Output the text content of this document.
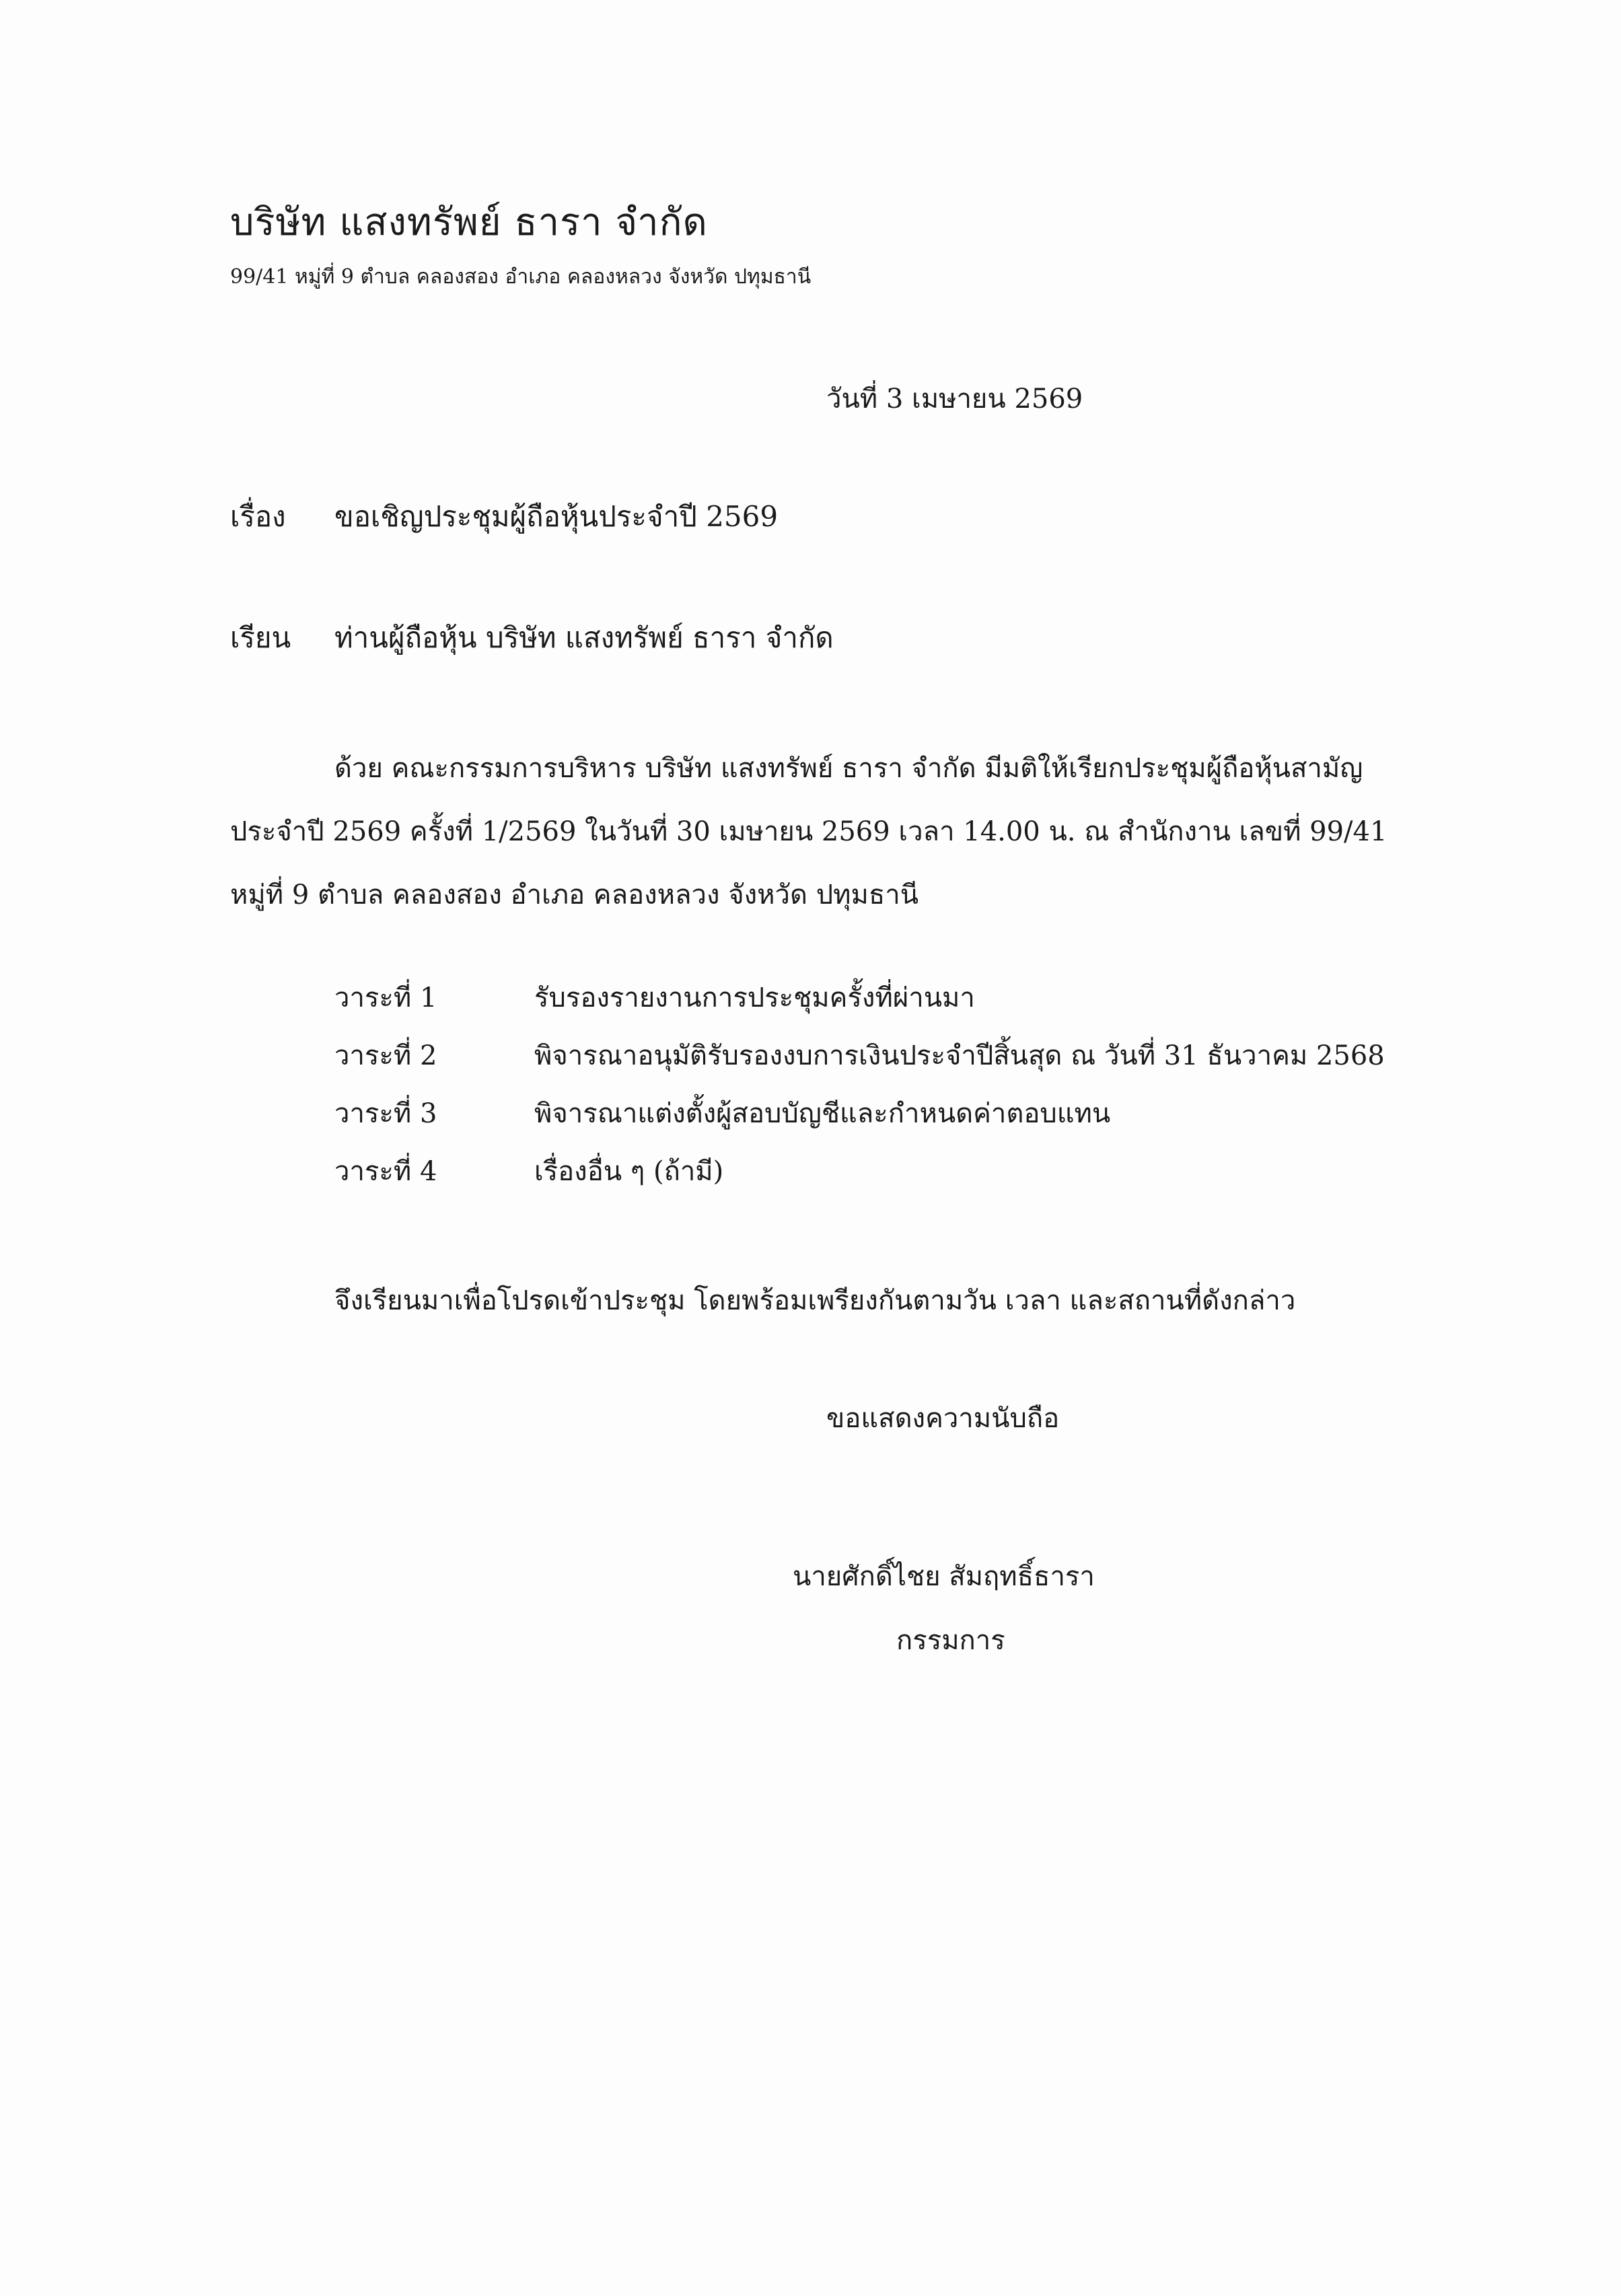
บริษัท แสงทรัพย์ ธารา จำกัด
99/41 หมู่ที่ 9 ตำบล คลองสอง อำเภอ คลองหลวง จังหวัด ปทุมธานี
วันที่ 3 เมษายน 2569
เรื่อง ขอเชิญประชุมผู้ถือหุ้นประจำปี 2569
เรียน ท่านผู้ถือหุ้น บริษัท แสงทรัพย์ ธารา จำกัด
ด้วย คณะกรรมการบริหาร บริษัท แสงทรัพย์ ธารา จำกัด มีมติให้เรียกประชุมผู้ถือหุ้นสามัญ
ประจำปี 2569 ครั้งที่ 1/2569 ในวันที่ 30 เมษายน 2569 เวลา 14.00 น. ณ สำนักงาน เลขที่ 99/41
หมู่ที่ 9 ตำบล คลองสอง อำเภอ คลองหลวง จังหวัด ปทุมธานี
วาระที่ 1	รับรองรายงานการประชุมครั้งที่ผ่านมา
วาระที่ 2	พิจารณาอนุมัติรับรองงบการเงินประจำปีสิ้นสุด ณ วันที่ 31 ธันวาคม 2568
วาระที่ 3	พิจารณาแต่งตั้งผู้สอบบัญชีและกำหนดค่าตอบแทน
วาระที่ 4	เรื่องอื่น ๆ (ถ้ามี)
จึงเรียนมาเพื่อโปรดเข้าประชุม โดยพร้อมเพรียงกันตามวัน เวลา และสถานที่ดังกล่าว
ขอแสดงความนับถือ
นายศักดิ์ไชย สัมฤทธิ์ธารา
กรรมการ
